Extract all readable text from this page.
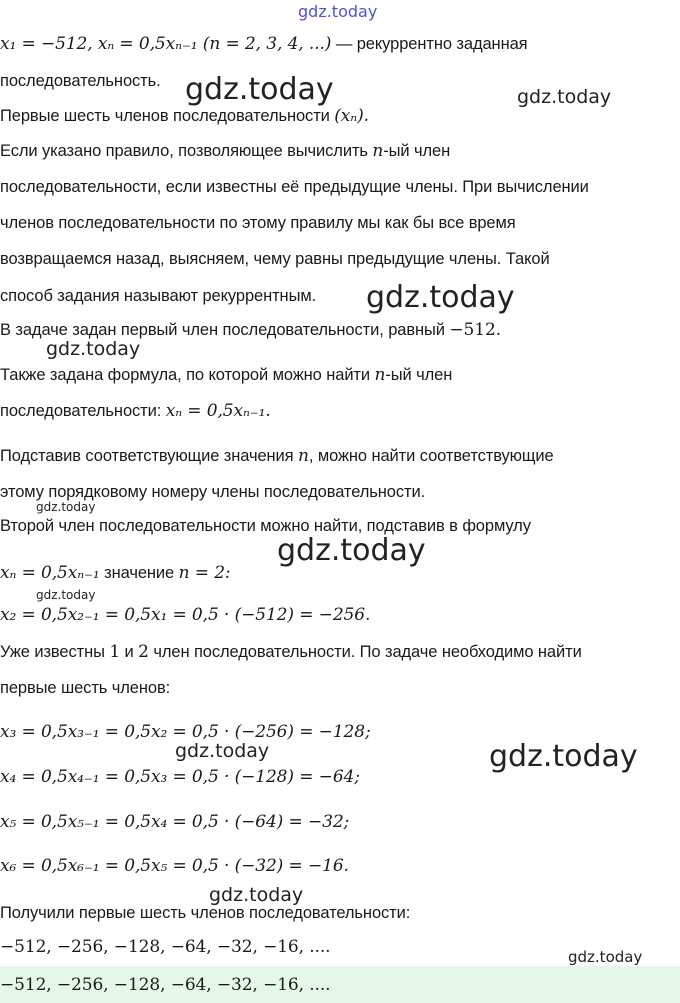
gdz.today
gdz.today	gdz.today
gdz.today
gdz.today
gdz.today
gdz.today
gdz.today
gdz.today	gdz.today
gdz.today
gdz.today
x₁ = −512, xₙ = 0,5xₙ₋₁ (n = 2, 3, 4, ...) — рекуррентно заданная
последовательность.
Первые шесть членов последовательности (xₙ).
Если указано правило, позволяющее вычислить n-ый член
последовательности, если известны её предыдущие члены. При вычислении
членов последовательности по этому правилу мы как бы все время
возвращаемся назад, выясняем, чему равны предыдущие члены. Такой
способ задания называют рекуррентным.
В задаче задан первый член последовательности, равный −512.
Также задана формула, по которой можно найти n-ый член
последовательности: xₙ = 0,5xₙ₋₁.
Подставив соответствующие значения n, можно найти соответствующие
этому порядковому номеру члены последовательности.
Второй член последовательности можно найти, подставив в формулу
xₙ = 0,5xₙ₋₁ значение n = 2:
x₂ = 0,5x₂₋₁ = 0,5x₁ = 0,5 · (−512) = −256.
Уже известны 1 и 2 член последовательности. По задаче необходимо найти
первые шесть членов:
x₃ = 0,5x₃₋₁ = 0,5x₂ = 0,5 · (−256) = −128;
x₄ = 0,5x₄₋₁ = 0,5x₃ = 0,5 · (−128) = −64;
x₅ = 0,5x₅₋₁ = 0,5x₄ = 0,5 · (−64) = −32;
x₆ = 0,5x₆₋₁ = 0,5x₅ = 0,5 · (−32) = −16.
Получили первые шесть членов последовательности:
−512, −256, −128, −64, −32, −16, ....
−512, −256, −128, −64, −32, −16, ....
